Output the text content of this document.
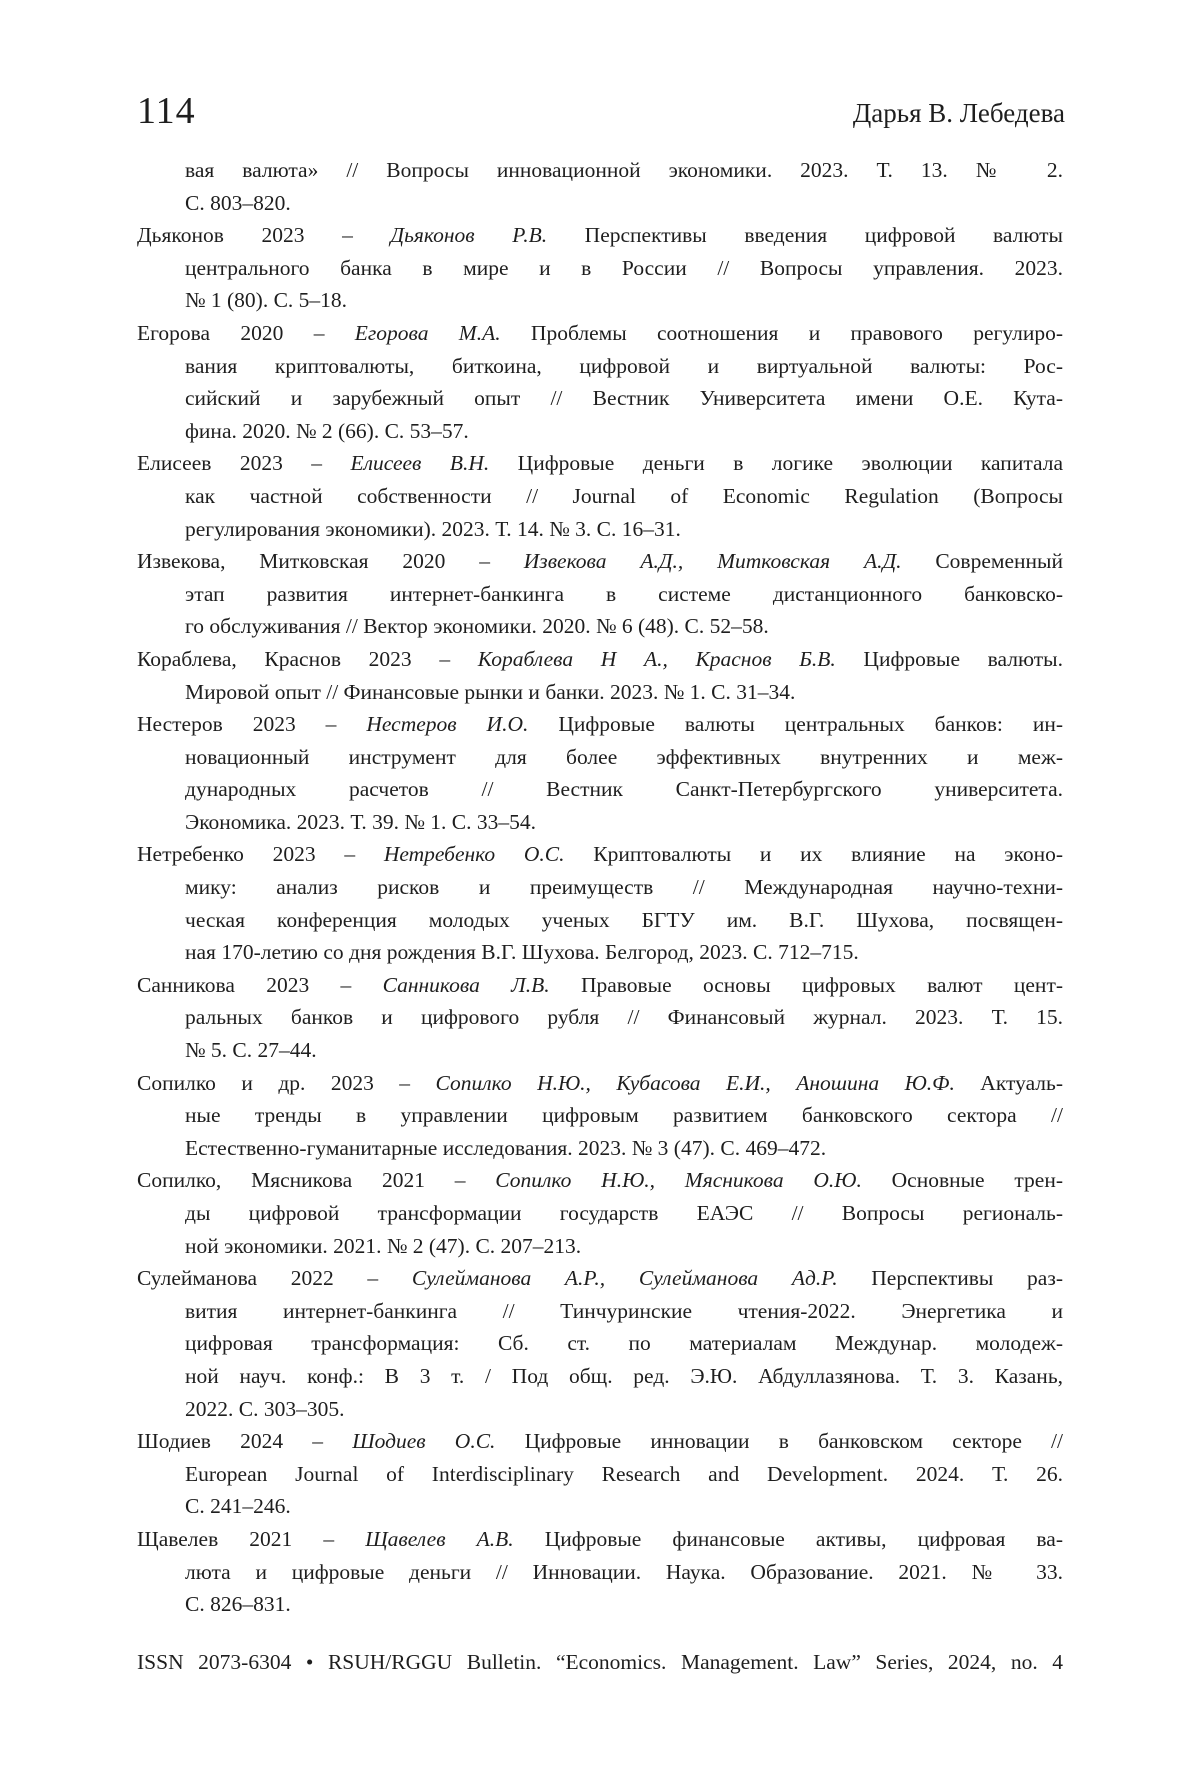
114	Дарья В. Лебедева
вая валюта» // Вопросы инновационной экономики. 2023. Т. 13. № 2.
С. 803–820.
Дьяконов 2023 – Дьяконов Р.В. Перспективы введения цифровой валюты
центрального банка в мире и в России // Вопросы управления. 2023.
№ 1 (80). С. 5–18.
Егорова 2020 – Егорова М.А. Проблемы соотношения и правового регулиро-
вания криптовалюты, биткоина, цифровой и виртуальной валюты: Рос-
сийский и зарубежный опыт // Вестник Университета имени О.Е. Кута-
фина. 2020. № 2 (66). С. 53–57.
Елисеев 2023 – Елисеев В.Н. Цифровые деньги в логике эволюции капитала
как частной собственности // Journal of Economic Regulation (Вопросы
регулирования экономики). 2023. Т. 14. № 3. С. 16–31.
Извекова, Митковская 2020 – Извекова А.Д., Митковская А.Д. Современный
этап развития интернет-банкинга в системе дистанционного банковско-
го обслуживания // Вектор экономики. 2020. № 6 (48). С. 52–58.
Кораблева, Краснов 2023 – Кораблева Н А., Краснов Б.В. Цифровые валюты.
Мировой опыт // Финансовые рынки и банки. 2023. № 1. С. 31–34.
Нестеров 2023 – Нестеров И.О. Цифровые валюты центральных банков: ин-
новационный инструмент для более эффективных внутренних и меж-
дународных расчетов // Вестник Санкт-Петербургского университета.
Экономика. 2023. Т. 39. № 1. С. 33–54.
Нетребенко 2023 – Нетребенко О.С. Криптовалюты и их влияние на эконо-
мику: анализ рисков и преимуществ // Международная научно-техни-
ческая конференция молодых ученых БГТУ им. В.Г. Шухова, посвящен-
ная 170-летию со дня рождения В.Г. Шухова. Белгород, 2023. С. 712–715.
Санникова 2023 – Санникова Л.В. Правовые основы цифровых валют цент-
ральных банков и цифрового рубля // Финансовый журнал. 2023. Т. 15.
№ 5. С. 27–44.
Сопилко и др. 2023 – Сопилко Н.Ю., Кубасова Е.И., Аношина Ю.Ф. Актуаль-
ные тренды в управлении цифровым развитием банковского сектора //
Естественно-гуманитарные исследования. 2023. № 3 (47). С. 469–472.
Сопилко, Мясникова 2021 – Сопилко Н.Ю., Мясникова О.Ю. Основные трен-
ды цифровой трансформации государств ЕАЭС // Вопросы региональ-
ной экономики. 2021. № 2 (47). С. 207–213.
Сулейманова 2022 – Сулейманова А.Р., Сулейманова Ад.Р. Перспективы раз-
вития интернет-банкинга // Тинчуринские чтения-2022. Энергетика и
цифровая трансформация: Сб. ст. по материалам Междунар. молодеж-
ной науч. конф.: В 3 т. / Под общ. ред. Э.Ю. Абдуллазянова. Т. 3. Казань,
2022. С. 303–305.
Шодиев 2024 – Шодиев О.С. Цифровые инновации в банковском секторе //
European Journal of Interdisciplinary Research and Development. 2024. Т. 26.
С. 241–246.
Щавелев 2021 – Щавелев А.В. Цифровые финансовые активы, цифровая ва-
люта и цифровые деньги // Инновации. Наука. Образование. 2021. № 33.
С. 826–831.
ISSN 2073-6304 • RSUH/RGGU Bulletin. “Economics. Management. Law” Series, 2024, no. 4
